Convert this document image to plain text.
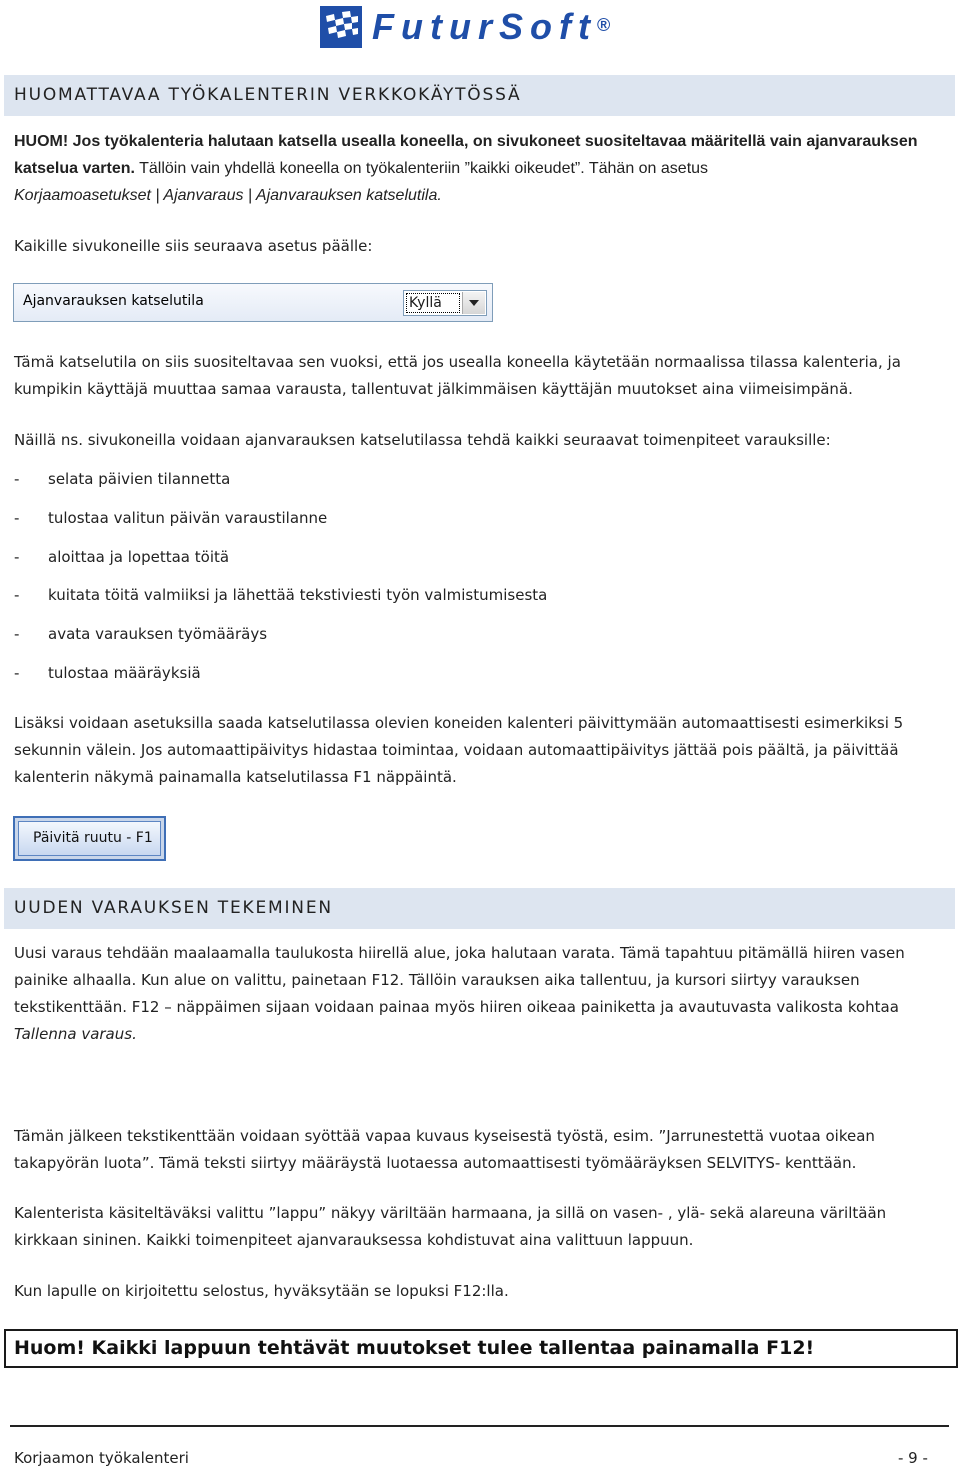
FuturSoft®
HUOMATTAVAA TYÖKALENTERIN VERKKOKÄYTÖSSÄ
HUOM! Jos työkalenteria halutaan katsella usealla koneella, on sivukoneet suositeltavaa määritellä vain ajanvarauksen katselua varten. Tällöin vain yhdellä koneella on työkalenteriin ”kaikki oikeudet”. Tähän on asetus
Korjaamoasetukset | Ajanvaraus | Ajanvarauksen katselutila.
Kaikille sivukoneille siis seuraava asetus päälle:
Ajanvarauksen katselutila	Kyllä
Tämä katselutila on siis suositeltavaa sen vuoksi, että jos usealla koneella käytetään normaalissa tilassa kalenteria, ja kumpikin käyttäjä muuttaa samaa varausta, tallentuvat jälkimmäisen käyttäjän muutokset aina viimeisimpänä.
Näillä ns. sivukoneilla voidaan ajanvarauksen katselutilassa tehdä kaikki seuraavat toimenpiteet varauksille:
- selata päivien tilannetta
- tulostaa valitun päivän varaustilanne
- aloittaa ja lopettaa töitä
- kuitata töitä valmiiksi ja lähettää tekstiviesti työn valmistumisesta
- avata varauksen työmääräys
- tulostaa määräyksiä
Lisäksi voidaan asetuksilla saada katselutilassa olevien koneiden kalenteri päivittymään automaattisesti esimerkiksi 5 sekunnin välein. Jos automaattipäivitys hidastaa toimintaa, voidaan automaattipäivitys jättää pois päältä, ja päivittää kalenterin näkymä painamalla katselutilassa F1 näppäintä.
Päivitä ruutu - F1
UUDEN VARAUKSEN TEKEMINEN
Uusi varaus tehdään maalaamalla taulukosta hiirellä alue, joka halutaan varata. Tämä tapahtuu pitämällä hiiren vasen painike alhaalla. Kun alue on valittu, painetaan F12. Tällöin varauksen aika tallentuu, ja kursori siirtyy varauksen tekstikenttään. F12 – näppäimen sijaan voidaan painaa myös hiiren oikeaa painiketta ja avautuvasta valikosta kohtaa Tallenna varaus.
Tämän jälkeen tekstikenttään voidaan syöttää vapaa kuvaus kyseisestä työstä, esim. ”Jarrunestettä vuotaa oikean takapyörän luota”. Tämä teksti siirtyy määräystä luotaessa automaattisesti työmääräyksen SELVITYS- kenttään.
Kalenterista käsiteltäväksi valittu ”lappu” näkyy väriltään harmaana, ja sillä on vasen- , ylä- sekä alareuna väriltään kirkkaan sininen. Kaikki toimenpiteet ajanvarauksessa kohdistuvat aina valittuun lappuun.
Kun lapulle on kirjoitettu selostus, hyväksytään se lopuksi F12:lla.
Huom! Kaikki lappuun tehtävät muutokset tulee tallentaa painamalla F12!
Korjaamon työkalenteri	- 9 -
